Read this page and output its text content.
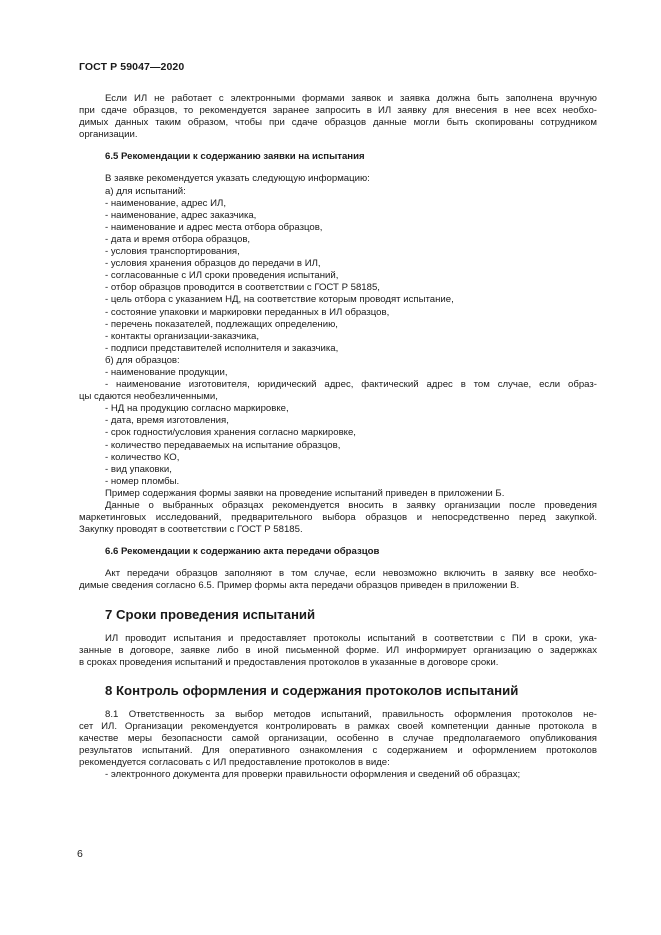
ГОСТ Р 59047—2020

Если ИЛ не работает с электронными формами заявок и заявка должна быть заполнена вручную

при сдаче образцов, то рекомендуется заранее запросить в ИЛ заявку для внесения в нее всех необхо-

димых данных таким образом, чтобы при сдаче образцов данные могли быть скопированы сотрудником

организации.

6.5 Рекомендации к содержанию заявки на испытания

В заявке рекомендуется указать следующую информацию:

а) для испытаний:

- наименование, адрес ИЛ,

- наименование, адрес заказчика,

- наименование и адрес места отбора образцов,

- дата и время отбора образцов,

- условия транспортирования,

- условия хранения образцов до передачи в ИЛ,

- согласованные с ИЛ сроки проведения испытаний,

- отбор образцов проводится в соответствии с ГОСТ Р 58185,

- цель отбора с указанием НД, на соответствие которым проводят испытание,

- состояние упаковки и маркировки переданных в ИЛ образцов,

- перечень показателей, подлежащих определению,

- контакты организации-заказчика,

- подписи представителей исполнителя и заказчика,

б) для образцов:

- наименование продукции,

- наименование изготовителя, юридический адрес, фактический адрес в том случае, если образ-

цы сдаются необезличенными,

- НД на продукцию согласно маркировке,

- дата, время изготовления,

- срок годности/условия хранения согласно маркировке,

- количество передаваемых на испытание образцов,

- количество КО,

- вид упаковки,

- номер пломбы.

Пример содержания формы заявки на проведение испытаний приведен в приложении Б.

Данные о выбранных образцах рекомендуется вносить в заявку организации после проведения

маркетинговых исследований, предварительного выбора образцов и непосредственно перед закупкой.

Закупку проводят в соответствии с ГОСТ Р 58185.

6.6 Рекомендации к содержанию акта передачи образцов

Акт передачи образцов заполняют в том случае, если невозможно включить в заявку все необхо-

димые сведения согласно 6.5. Пример формы акта передачи образцов приведен в приложении В.

7 Сроки проведения испытаний

ИЛ проводит испытания и предоставляет протоколы испытаний в соответствии с ПИ в сроки, ука-

занные в договоре, заявке либо в иной письменной форме. ИЛ информирует организацию о задержках

в сроках проведения испытаний и предоставления протоколов в указанные в договоре сроки.

8 Контроль оформления и содержания протоколов испытаний

8.1 Ответственность за выбор методов испытаний, правильность оформления протоколов не-

сет ИЛ. Организации рекомендуется контролировать в рамках своей компетенции данные протокола в

качестве меры безопасности самой организации, особенно в случае предполагаемого опубликования

результатов испытаний. Для оперативного ознакомления с содержанием и оформлением протоколов

рекомендуется согласовать с ИЛ предоставление протоколов в виде:

- электронного документа для проверки правильности оформления и сведений об образцах;

6
